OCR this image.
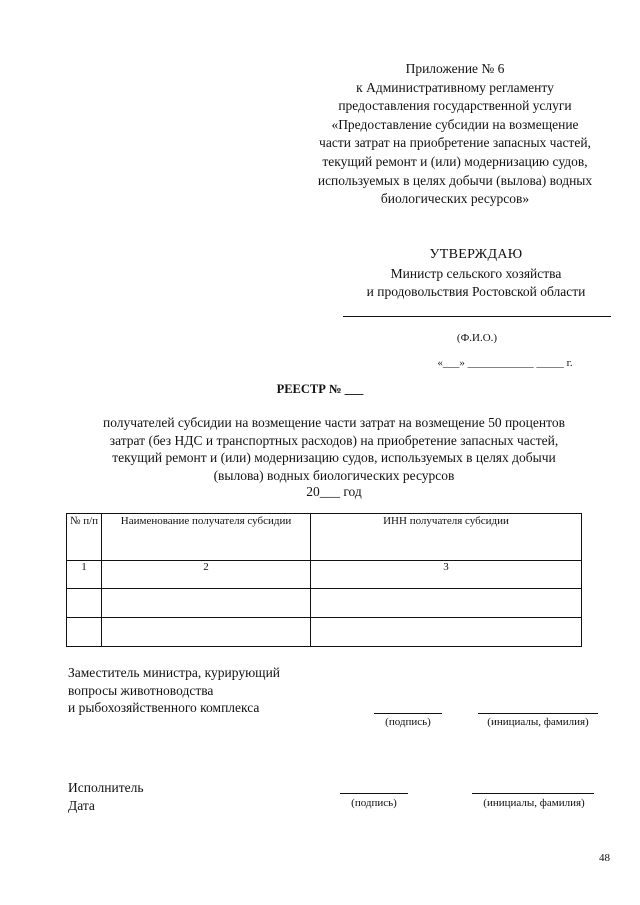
Приложение № 6
к Административному регламенту
предоставления государственной услуги
«Предоставление субсидии на возмещение
части затрат на приобретение запасных частей,
текущий ремонт и (или) модернизацию судов,
используемых в целях добычи (вылова) водных
биологических ресурсов»
УТВЕРЖДАЮ
Министр сельского хозяйства
и продовольствия Ростовской области
(Ф.И.О.)
«___» ____________ _____ г.
РЕЕСТР № ___
получателей субсидии на возмещение части затрат на возмещение 50 процентов
затрат (без НДС и транспортных расходов) на приобретение запасных частей,
текущий ремонт и (или) модернизацию судов, используемых в целях добычи
(вылова) водных биологических ресурсов
20___ год
№ п/п	Наименование получателя субсидии	ИНН получателя субсидии
1	2	3

Заместитель министра, курирующий
вопросы животноводства
и рыбохозяйственного комплекса
(подпись)	(инициалы, фамилия)
Исполнитель
Дата	(подпись)	(инициалы, фамилия)
48
